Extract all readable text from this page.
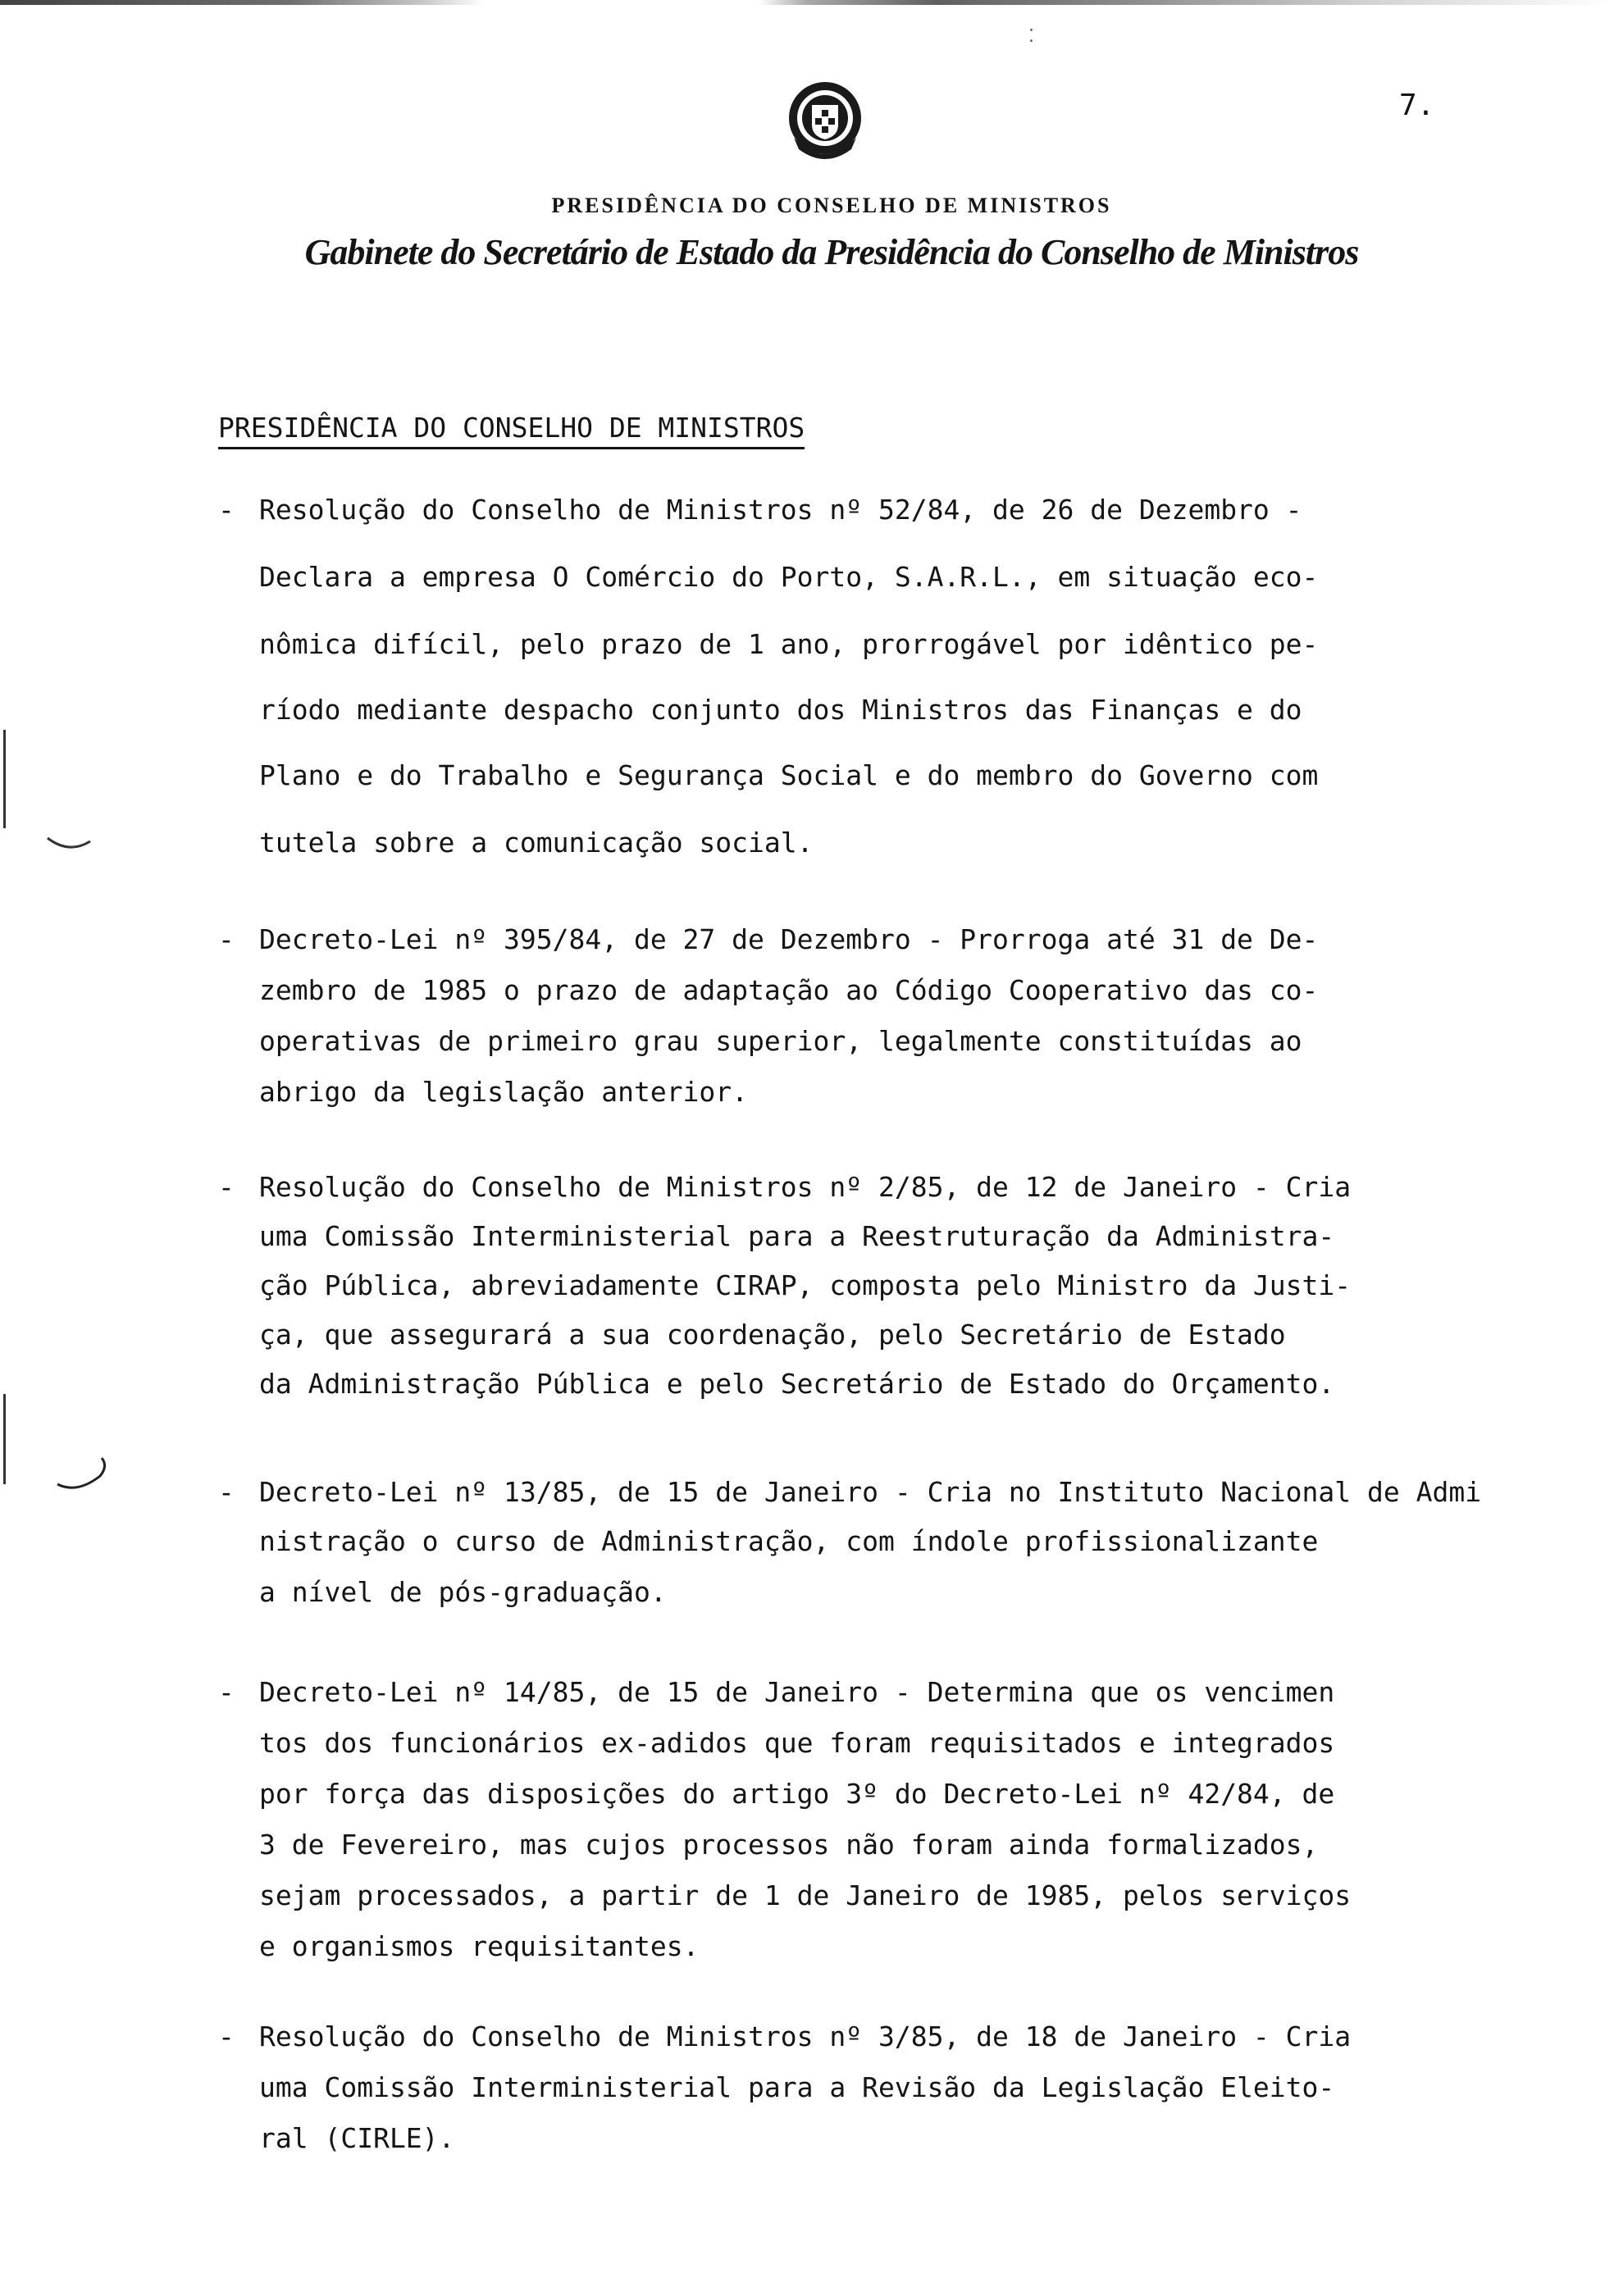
⁚
7.
PRESIDÊNCIA DO CONSELHO DE MINISTROS
Gabinete do Secretário de Estado da Presidência do Conselho de Ministros
PRESIDÊNCIA DO CONSELHO DE MINISTROS
- Resolução do Conselho de Ministros nº 52/84, de 26 de Dezembro -
Declara a empresa O Comércio do Porto, S.A.R.L., em situação eco-
nômica difícil, pelo prazo de 1 ano, prorrogável por idêntico pe-
ríodo mediante despacho conjunto dos Ministros das Finanças e do
Plano e do Trabalho e Segurança Social e do membro do Governo com
tutela sobre a comunicação social.
- Decreto-Lei nº 395/84, de 27 de Dezembro - Prorroga até 31 de De-
zembro de 1985 o prazo de adaptação ao Código Cooperativo das co-
operativas de primeiro grau superior, legalmente constituídas ao
abrigo da legislação anterior.
- Resolução do Conselho de Ministros nº 2/85, de 12 de Janeiro - Cria
uma Comissão Interministerial para a Reestruturação da Administra-
ção Pública, abreviadamente CIRAP, composta pelo Ministro da Justi-
ça, que assegurará a sua coordenação, pelo Secretário de Estado
da Administração Pública e pelo Secretário de Estado do Orçamento.
- Decreto-Lei nº 13/85, de 15 de Janeiro - Cria no Instituto Nacional de Admi
nistração o curso de Administração, com índole profissionalizante
a nível de pós-graduação.
- Decreto-Lei nº 14/85, de 15 de Janeiro - Determina que os vencimen
tos dos funcionários ex-adidos que foram requisitados e integrados
por força das disposições do artigo 3º do Decreto-Lei nº 42/84, de
3 de Fevereiro, mas cujos processos não foram ainda formalizados,
sejam processados, a partir de 1 de Janeiro de 1985, pelos serviços
e organismos requisitantes.
- Resolução do Conselho de Ministros nº 3/85, de 18 de Janeiro - Cria
uma Comissão Interministerial para a Revisão da Legislação Eleito-
ral (CIRLE).
